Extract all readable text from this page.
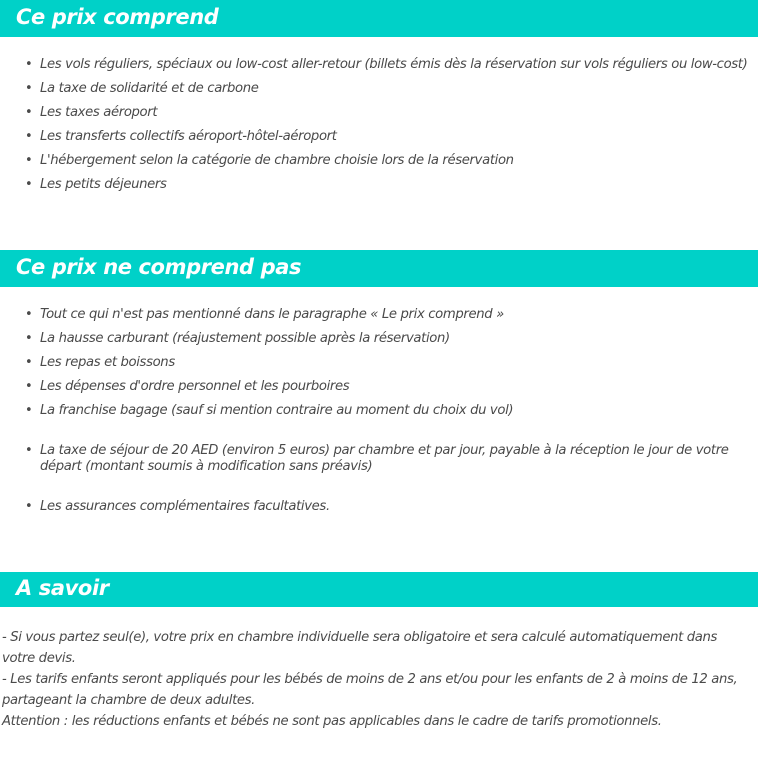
Ce prix comprend
• Les vols réguliers, spéciaux ou low-cost aller-retour (billets émis dès la réservation sur vols réguliers ou low-cost)
• La taxe de solidarité et de carbone
• Les taxes aéroport
• Les transferts collectifs aéroport-hôtel-aéroport
• L'hébergement selon la catégorie de chambre choisie lors de la réservation
• Les petits déjeuners
Ce prix ne comprend pas
• Tout ce qui n'est pas mentionné dans le paragraphe « Le prix comprend »
• La hausse carburant (réajustement possible après la réservation)
• Les repas et boissons
• Les dépenses d'ordre personnel et les pourboires
• La franchise bagage (sauf si mention contraire au moment du choix du vol)
• La taxe de séjour de 20 AED (environ 5 euros) par chambre et par jour, payable à la réception le jour de votre départ (montant soumis à modification sans préavis)
• Les assurances complémentaires facultatives.
A savoir

- Si vous partez seul(e), votre prix en chambre individuelle sera obligatoire et sera calculé automatiquement dans votre devis.

- Les tarifs enfants seront appliqués pour les bébés de moins de 2 ans et/ou pour les enfants de 2 à moins de 12 ans, partageant la chambre de deux adultes.

Attention : les réductions enfants et bébés ne sont pas applicables dans le cadre de tarifs promotionnels.
